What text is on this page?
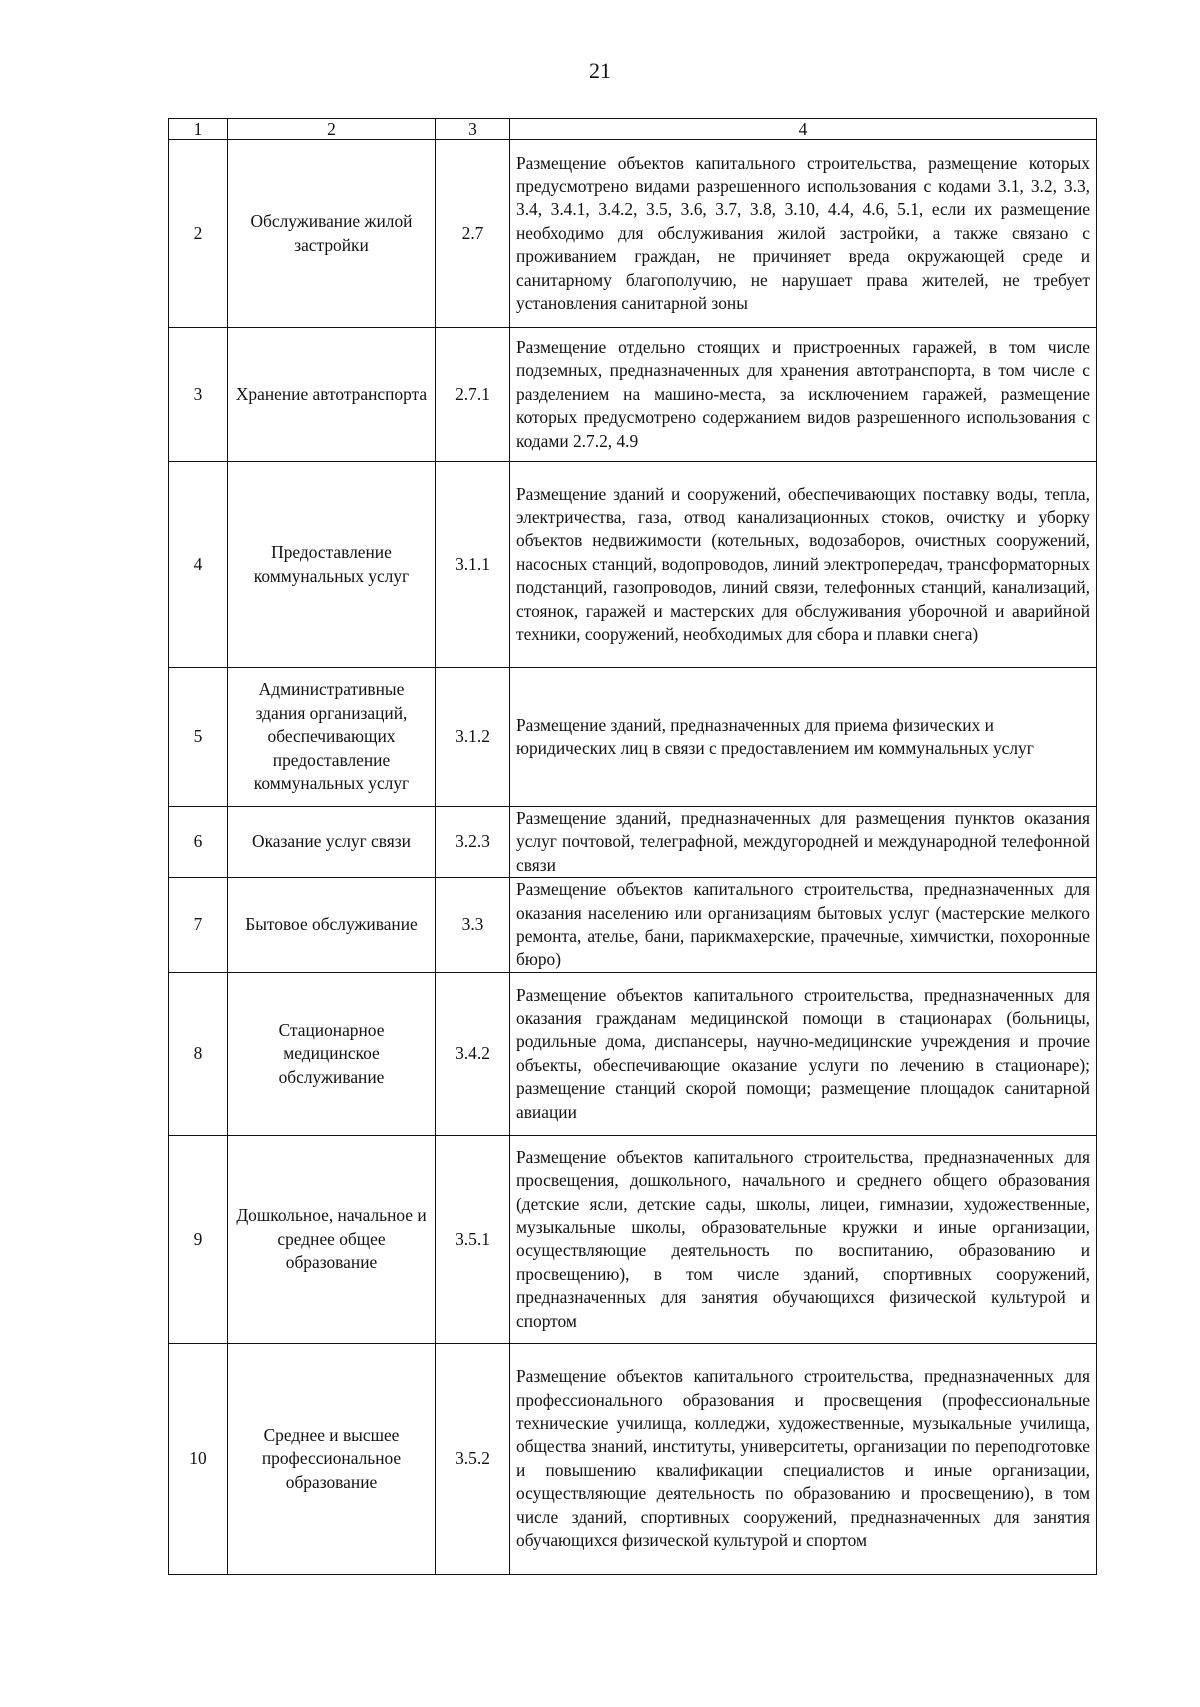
21
1	2	3	4
2	Обслуживание жилой застройки	2.7	Размещение объектов капитального строительства, размещение которых предусмотрено видами разрешенного использования с кодами 3.1, 3.2, 3.3, 3.4, 3.4.1, 3.4.2, 3.5, 3.6, 3.7, 3.8, 3.10, 4.4, 4.6, 5.1, если их размещение необходимо для обслуживания жилой застройки, а также связано с проживанием граждан, не причиняет вреда окружающей среде и санитарному благополучию, не нарушает права жителей, не требует установления санитарной зоны
3	Хранение автотранспорта	2.7.1	Размещение отдельно стоящих и пристроенных гаражей, в том числе подземных, предназначенных для хранения автотранспорта, в том числе с разделением на машино-места, за исключением гаражей, размещение которых предусмотрено содержанием видов разрешенного использования с кодами 2.7.2, 4.9
4	Предоставление коммунальных услуг	3.1.1	Размещение зданий и сооружений, обеспечивающих поставку воды, тепла, электричества, газа, отвод канализационных стоков, очистку и уборку объектов недвижимости (котельных, водозаборов, очистных сооружений, насосных станций, водопроводов, линий электропередач, трансформаторных подстанций, газопроводов, линий связи, телефонных станций, канализаций, стоянок, гаражей и мастерских для обслуживания уборочной и аварийной техники, сооружений, необходимых для сбора и плавки снега)
5	Административные здания организаций, обеспечивающих предоставление коммунальных услуг	3.1.2	Размещение зданий, предназначенных для приема физических и юридических лиц в связи с предоставлением им коммунальных услуг
6	Оказание услуг связи	3.2.3	Размещение зданий, предназначенных для размещения пунктов оказания услуг почтовой, телеграфной, междугородней и международной телефонной связи
7	Бытовое обслуживание	3.3	Размещение объектов капитального строительства, предназначенных для оказания населению или организациям бытовых услуг (мастерские мелкого ремонта, ателье, бани, парикмахерские, прачечные, химчистки, похоронные бюро)
8	Стационарное медицинское обслуживание	3.4.2	Размещение объектов капитального строительства, предназначенных для оказания гражданам медицинской помощи в стационарах (больницы, родильные дома, диспансеры, научно-медицинские учреждения и прочие объекты, обеспечивающие оказание услуги по лечению в стационаре); размещение станций скорой помощи; размещение площадок санитарной авиации
9	Дошкольное, начальное и среднее общее образование	3.5.1	Размещение объектов капитального строительства, предназначенных для просвещения, дошкольного, начального и среднего общего образования (детские ясли, детские сады, школы, лицеи, гимназии, художественные, музыкальные школы, образовательные кружки и иные организации, осуществляющие деятельность по воспитанию, образованию и просвещению), в том числе зданий, спортивных сооружений, предназначенных для занятия обучающихся физической культурой и спортом
10	Среднее и высшее профессиональное образование	3.5.2	Размещение объектов капитального строительства, предназначенных для профессионального образования и просвещения (профессиональные технические училища, колледжи, художественные, музыкальные училища, общества знаний, институты, университеты, организации по переподготовке и повышению квалификации специалистов и иные организации, осуществляющие деятельность по образованию и просвещению), в том числе зданий, спортивных сооружений, предназначенных для занятия обучающихся физической культурой и спортом
